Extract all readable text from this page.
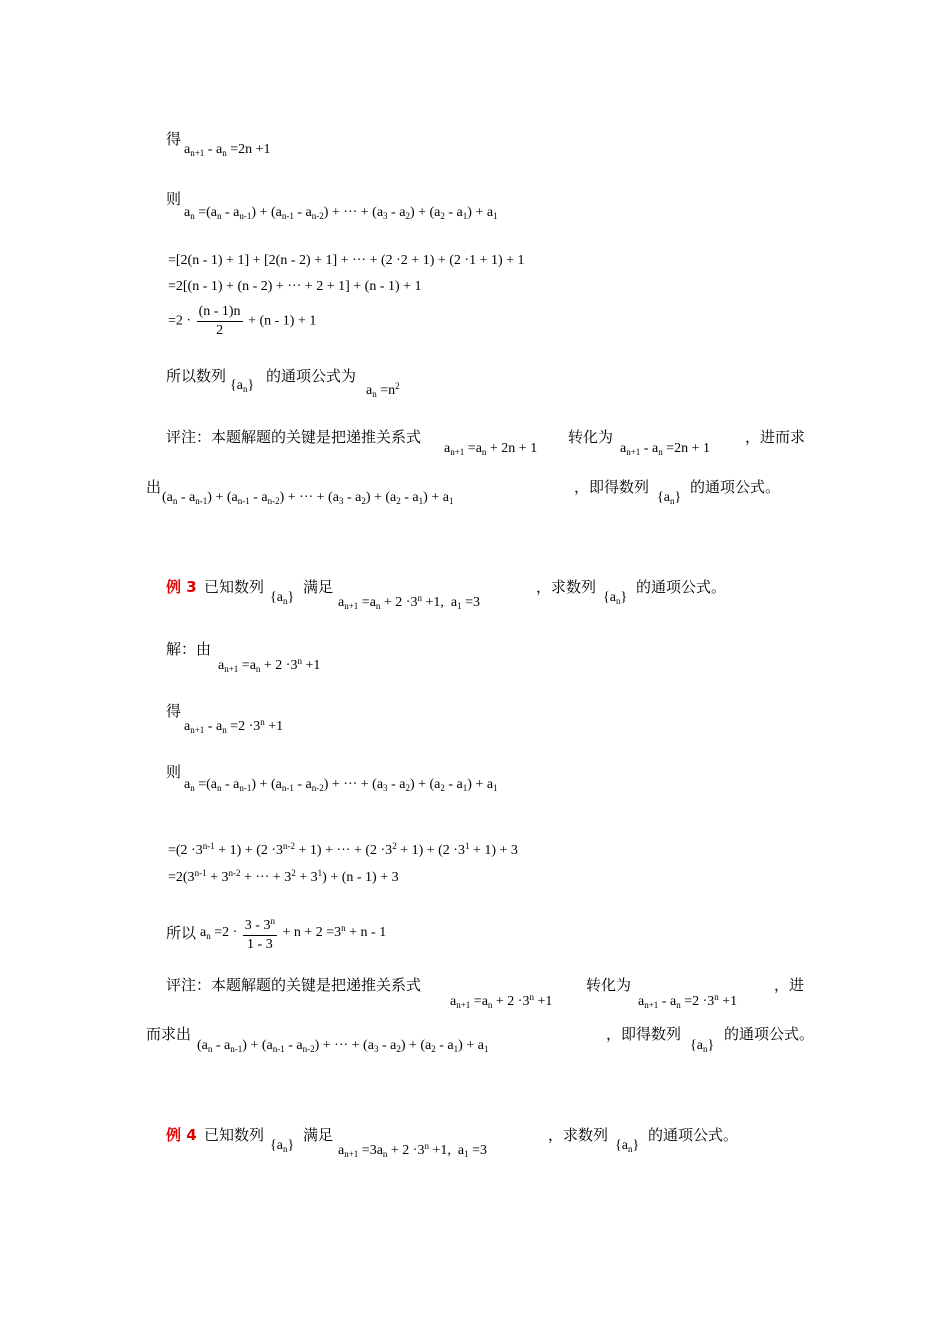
得
$a_{n+1} - a_n =2n +1$
则
$a_n =(a_n - a_{n-1}) + (a_{n-1} - a_{n-2})$ + ··· + $(a_3 - a_2) + (a_2 - a_1) + a_1$
=[2(n - 1) + 1] + [2(n - 2) + 1] + ··· + (2 ·2 + 1) + (2 ·1 + 1) + 1
=2[(n - 1) + (n - 2) + ··· + 2 + 1] + (n - 1) + 1
$=2 \cdot \frac{(n - 1)n}{2} + (n - 1) + 1$
所以数列
$\{a_n\}$
的通项公式为
$a_n =n^2$
评注：本题解题的关键是把递推关系式
$a_{n+1} =a_n + 2n + 1$
转化为
$a_{n+1} - a_n =2n + 1$
，进而求
出
$(a_n - a_{n-1}) + (a_{n-1} - a_{n-2})$ + ··· + $(a_3 - a_2) + (a_2 - a_1) + a_1$
，即得数列
$\{a_n\}$
的通项公式。
例 3 已知数列
$\{a_n\}$
满足
$a_{n+1} =a_n + 2 \cdot 3^n +1$,  $a_1 =3$
，求数列
$\{a_n\}$
的通项公式。
解：由
$a_{n+1} =a_n + 2 \cdot 3^n +1$
得
$a_{n+1} - a_n =2 \cdot 3^n +1$
则
$a_n =(a_n - a_{n-1}) + (a_{n-1} - a_{n-2})$ + ··· + $(a_3 - a_2) + (a_2 - a_1) + a_1$
$=(2 \cdot 3^{n-1} + 1) + (2 \cdot 3^{n-2} + 1)$ + ··· + $(2 \cdot 3^2 + 1) + (2 \cdot 3^1 + 1) + 3$
$=2(3^{n-1} + 3^{n-2}$ + ··· + $3^2 + 3^1) + (n - 1) + 3$
所以 $a_n =2 \cdot \frac{3 - 3^n}{1 - 3} + n + 2 =3^n + n - 1$
评注：本题解题的关键是把递推关系式
$a_{n+1} =a_n + 2 \cdot 3^n +1$
转化为
$a_{n+1} - a_n =2 \cdot 3^n +1$
，进
而求出
$(a_n - a_{n-1}) + (a_{n-1} - a_{n-2})$ + ··· + $(a_3 - a_2) + (a_2 - a_1) + a_1$
，即得数列
$\{a_n\}$
的通项公式。
例 4 已知数列
$\{a_n\}$
满足
$a_{n+1} =3a_n + 2 \cdot 3^n +1$,  $a_1 =3$
，求数列
$\{a_n\}$
的通项公式。
